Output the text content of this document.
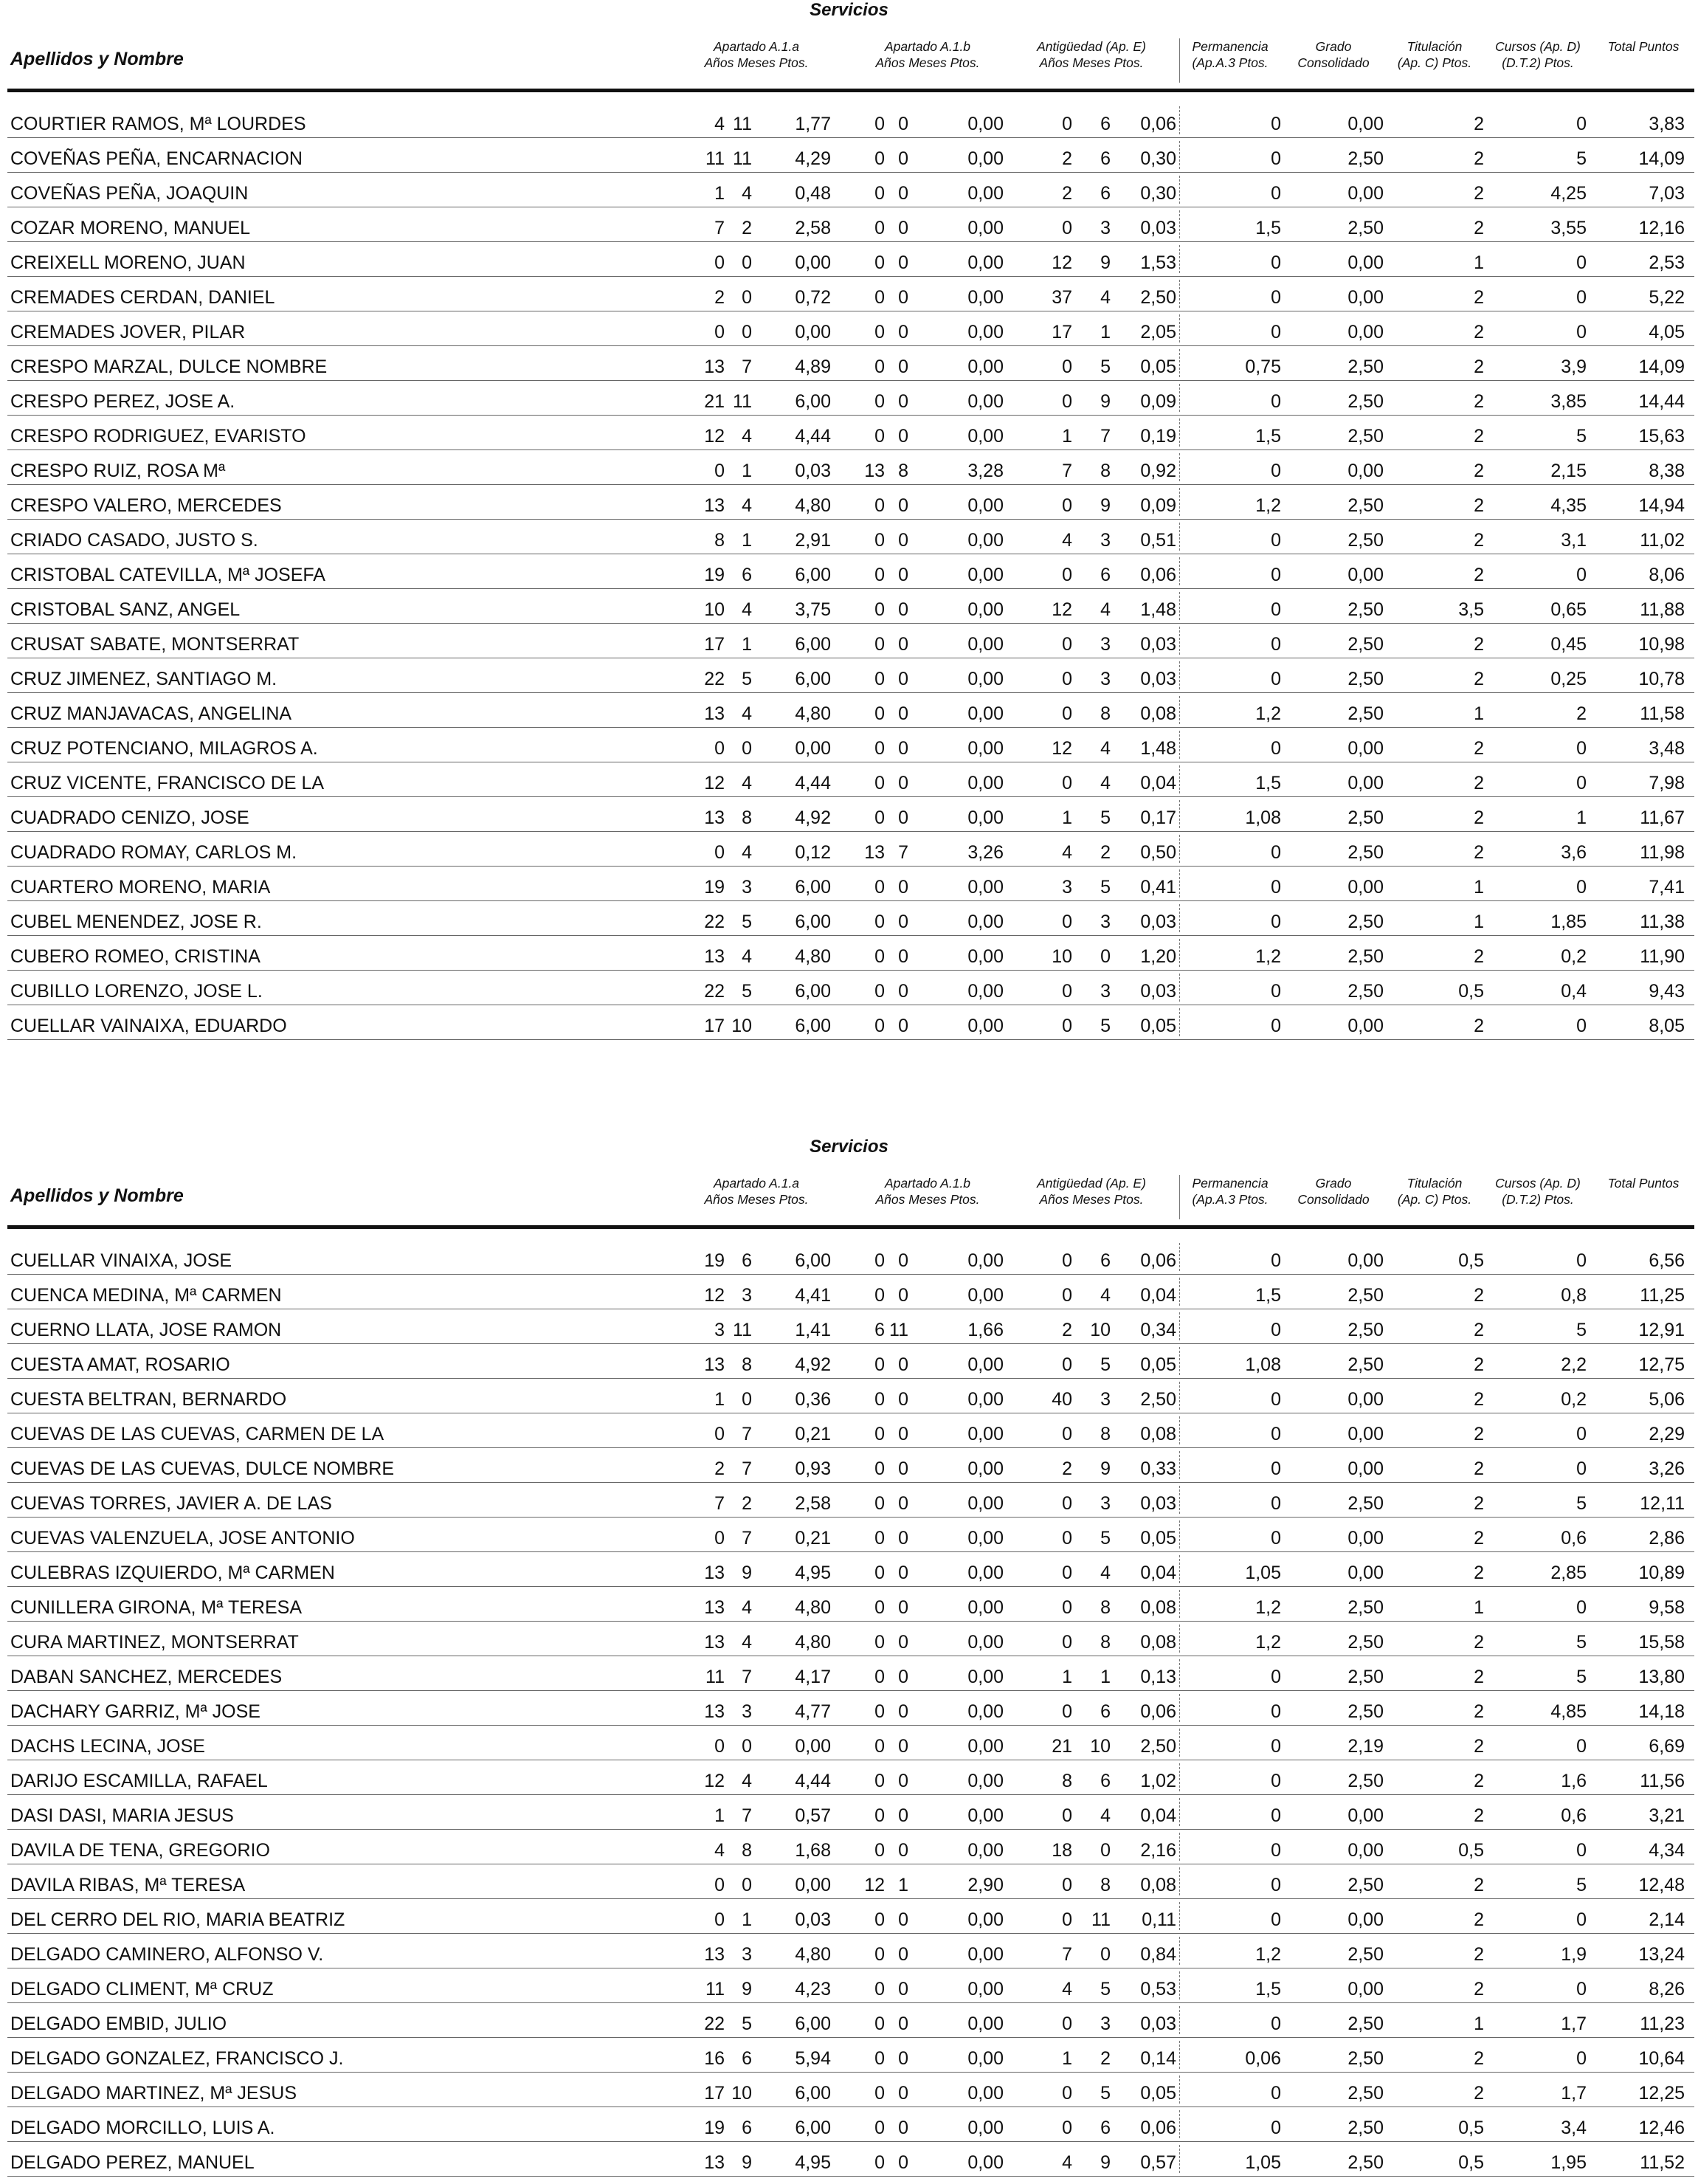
Servicios
Apellidos y Nombre
Apartado A.1.a
Años Meses Ptos.
Apartado A.1.b
Años Meses Ptos.
Antigüedad (Ap. E)
Años Meses Ptos.
Permanencia
(Ap.A.3 Ptos.
Grado
Consolidado
Titulación
(Ap. C) Ptos.
Cursos (Ap. D)
(D.T.2) Ptos.
Total Puntos
COURTIER RAMOS, Mª LOURDES	4 11 1,77 0 0	0,00	0 6 0,06	0	0,00	2	0	3,83
COVEÑAS PEÑA, ENCARNACION	11 11 4,29 0 0	0,00	2 6 0,30	0	2,50	2	5	14,09
COVEÑAS PEÑA, JOAQUIN	1 4 0,48 0 0	0,00	2 6 0,30	0	0,00	2	4,25	7,03
COZAR MORENO, MANUEL	7 2 2,58 0 0	0,00	0 3 0,03	1,5	2,50	2	3,55	12,16
CREIXELL MORENO, JUAN	0 0 0,00 0 0	0,00	12 9 1,53	0	0,00	1	0	2,53
CREMADES CERDAN, DANIEL	2 0 0,72 0 0	0,00	37 4 2,50	0	0,00	2	0	5,22
CREMADES JOVER, PILAR	0 0 0,00 0 0	0,00	17 1 2,05	0	0,00	2	0	4,05
CRESPO MARZAL, DULCE NOMBRE	13 7 4,89 0 0	0,00	0 5 0,05	0,75	2,50	2	3,9	14,09
CRESPO PEREZ, JOSE A.	21 11 6,00 0 0	0,00	0 9 0,09	0	2,50	2	3,85	14,44
CRESPO RODRIGUEZ, EVARISTO	12 4 4,44 0 0	0,00	1 7 0,19	1,5	2,50	2	5	15,63
CRESPO RUIZ, ROSA Mª	0 1 0,03 13 8	3,28	7 8 0,92	0	0,00	2	2,15	8,38
CRESPO VALERO, MERCEDES	13 4 4,80 0 0	0,00	0 9 0,09	1,2	2,50	2	4,35	14,94
CRIADO CASADO, JUSTO S.	8 1 2,91 0 0	0,00	4 3 0,51	0	2,50	2	3,1	11,02
CRISTOBAL CATEVILLA, Mª JOSEFA	19 6 6,00 0 0	0,00	0 6 0,06	0	0,00	2	0	8,06
CRISTOBAL SANZ, ANGEL	10 4 3,75 0 0	0,00	12 4 1,48	0	2,50	3,5	0,65	11,88
CRUSAT SABATE, MONTSERRAT	17 1 6,00 0 0	0,00	0 3 0,03	0	2,50	2	0,45	10,98
CRUZ JIMENEZ, SANTIAGO M.	22 5 6,00 0 0	0,00	0 3 0,03	0	2,50	2	0,25	10,78
CRUZ MANJAVACAS, ANGELINA	13 4 4,80 0 0	0,00	0 8 0,08	1,2	2,50	1	2	11,58
CRUZ POTENCIANO, MILAGROS A.	0 0 0,00 0 0	0,00	12 4 1,48	0	0,00	2	0	3,48
CRUZ VICENTE, FRANCISCO DE LA	12 4 4,44 0 0	0,00	0 4 0,04	1,5	0,00	2	0	7,98
CUADRADO CENIZO, JOSE	13 8 4,92 0 0	0,00	1 5 0,17	1,08	2,50	2	1	11,67
CUADRADO ROMAY, CARLOS M.	0 4 0,12 13 7	3,26	4 2 0,50	0	2,50	2	3,6	11,98
CUARTERO MORENO, MARIA	19 3 6,00 0 0	0,00	3 5 0,41	0	0,00	1	0	7,41
CUBEL MENENDEZ, JOSE R.	22 5 6,00 0 0	0,00	0 3 0,03	0	2,50	1	1,85	11,38
CUBERO ROMEO, CRISTINA	13 4 4,80 0 0	0,00	10 0 1,20	1,2	2,50	2	0,2	11,90
CUBILLO LORENZO, JOSE L.	22 5 6,00 0 0	0,00	0 3 0,03	0	2,50	0,5	0,4	9,43
CUELLAR VAINAIXA, EDUARDO	17 10 6,00 0 0	0,00	0 5 0,05	0	0,00	2	0	8,05
Servicios
Apellidos y Nombre
Apartado A.1.a
Años Meses Ptos.
Apartado A.1.b
Años Meses Ptos.
Antigüedad (Ap. E)
Años Meses Ptos.
Permanencia
(Ap.A.3 Ptos.
Grado
Consolidado
Titulación
(Ap. C) Ptos.
Cursos (Ap. D)
(D.T.2) Ptos.
Total Puntos
CUELLAR VINAIXA, JOSE	19 6 6,00 0 0	0,00	0 6 0,06	0	0,00	0,5	0	6,56
CUENCA MEDINA, Mª CARMEN	12 3 4,41 0 0	0,00	0 4 0,04	1,5	2,50	2	0,8	11,25
CUERNO LLATA, JOSE RAMON	3 11 1,41 6 11	1,66	2 10 0,34	0	2,50	2	5	12,91
CUESTA AMAT, ROSARIO	13 8 4,92 0 0	0,00	0 5 0,05	1,08	2,50	2	2,2	12,75
CUESTA BELTRAN, BERNARDO	1 0 0,36 0 0	0,00	40 3 2,50	0	0,00	2	0,2	5,06
CUEVAS DE LAS CUEVAS, CARMEN DE LA	0 7 0,21 0 0	0,00	0 8 0,08	0	0,00	2	0	2,29
CUEVAS DE LAS CUEVAS, DULCE NOMBRE	2 7 0,93 0 0	0,00	2 9 0,33	0	0,00	2	0	3,26
CUEVAS TORRES, JAVIER A. DE LAS	7 2 2,58 0 0	0,00	0 3 0,03	0	2,50	2	5	12,11
CUEVAS VALENZUELA, JOSE ANTONIO	0 7 0,21 0 0	0,00	0 5 0,05	0	0,00	2	0,6	2,86
CULEBRAS IZQUIERDO, Mª CARMEN	13 9 4,95 0 0	0,00	0 4 0,04	1,05	0,00	2	2,85	10,89
CUNILLERA GIRONA, Mª TERESA	13 4 4,80 0 0	0,00	0 8 0,08	1,2	2,50	1	0	9,58
CURA MARTINEZ, MONTSERRAT	13 4 4,80 0 0	0,00	0 8 0,08	1,2	2,50	2	5	15,58
DABAN SANCHEZ, MERCEDES	11 7 4,17 0 0	0,00	1 1 0,13	0	2,50	2	5	13,80
DACHARY GARRIZ, Mª JOSE	13 3 4,77 0 0	0,00	0 6 0,06	0	2,50	2	4,85	14,18
DACHS LECINA, JOSE	0 0 0,00 0 0	0,00	21 10 2,50	0	2,19	2	0	6,69
DARIJO ESCAMILLA, RAFAEL	12 4 4,44 0 0	0,00	8 6 1,02	0	2,50	2	1,6	11,56
DASI DASI, MARIA JESUS	1 7 0,57 0 0	0,00	0 4 0,04	0	0,00	2	0,6	3,21
DAVILA DE TENA, GREGORIO	4 8 1,68 0 0	0,00	18 0 2,16	0	0,00	0,5	0	4,34
DAVILA RIBAS, Mª TERESA	0 0 0,00 12 1	2,90	0 8 0,08	0	2,50	2	5	12,48
DEL CERRO DEL RIO, MARIA BEATRIZ	0 1 0,03 0 0	0,00	0 11 0,11	0	0,00	2	0	2,14
DELGADO CAMINERO, ALFONSO V.	13 3 4,80 0 0	0,00	7 0 0,84	1,2	2,50	2	1,9	13,24
DELGADO CLIMENT, Mª CRUZ	11 9 4,23 0 0	0,00	4 5 0,53	1,5	0,00	2	0	8,26
DELGADO EMBID, JULIO	22 5 6,00 0 0	0,00	0 3 0,03	0	2,50	1	1,7	11,23
DELGADO GONZALEZ, FRANCISCO J.	16 6 5,94 0 0	0,00	1 2 0,14	0,06	2,50	2	0	10,64
DELGADO MARTINEZ, Mª JESUS	17 10 6,00 0 0	0,00	0 5 0,05	0	2,50	2	1,7	12,25
DELGADO MORCILLO, LUIS A.	19 6 6,00 0 0	0,00	0 6 0,06	0	2,50	0,5	3,4	12,46
DELGADO PEREZ, MANUEL	13 9 4,95 0 0	0,00	4 9 0,57	1,05	2,50	0,5	1,95	11,52
